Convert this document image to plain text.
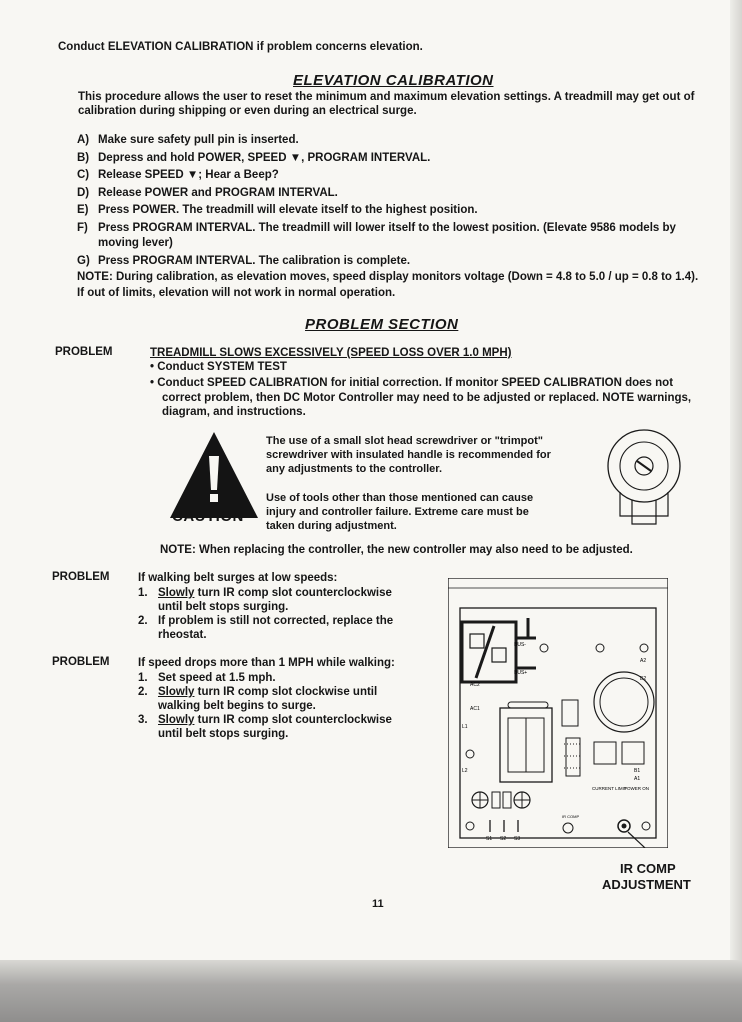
Conduct ELEVATION CALIBRATION if problem concerns elevation.
ELEVATION CALIBRATION
This procedure allows the user to reset the minimum and maximum elevation settings. A treadmill may get out of
calibration during shipping or even during an electrical surge.
A) Make sure safety pull pin is inserted.
B) Depress and hold POWER, SPEED ▼, PROGRAM INTERVAL.
C) Release SPEED ▼; Hear a Beep?
D) Release POWER and PROGRAM INTERVAL.
E) Press POWER. The treadmill will elevate itself to the highest position.
F) Press PROGRAM INTERVAL. The treadmill will lower itself to the lowest position. (Elevate 9586 models by moving lever)
G) Press PROGRAM INTERVAL. The calibration is complete.
NOTE: During calibration, as elevation moves, speed display monitors voltage (Down = 4.8 to 5.0 / up = 0.8 to 1.4).
If out of limits, elevation will not work in normal operation.
PROBLEM SECTION
PROBLEM	TREADMILL SLOWS EXCESSIVELY (SPEED LOSS OVER 1.0 MPH)
• Conduct SYSTEM TEST
• Conduct SPEED CALIBRATION for initial correction. If monitor SPEED CALIBRATION does not
correct problem, then DC Motor Controller may need to be adjusted or replaced. NOTE warnings,
diagram, and instructions.
CAUTION
The use of a small slot head screwdriver or "trimpot"
screwdriver with insulated handle is recommended for
any adjustments to the controller.
Use of tools other than those mentioned can cause
injury and controller failure. Extreme care must be
taken during adjustment.
NOTE: When replacing the controller, the new controller may also need to be adjusted.
PROBLEM If walking belt surges at low speeds:
1. Slowly turn IR comp slot counterclockwise
until belt stops surging.
2. If problem is still not corrected, replace the
rheostat.
PROBLEM If speed drops more than 1 MPH while walking:
1. Set speed at 1.5 mph.
2. Slowly turn IR comp slot clockwise until
walking belt begins to surge.
3. Slowly turn IR comp slot counterclockwise
until belt stops surging.
BUS-
BUS+
AC2
AC1
A2
B2
L1
L2	B1
A1
CURRENT LIMIT
POWER ON
S1 S2 S3
IR COMP
IR COMP
ADJUSTMENT
11
